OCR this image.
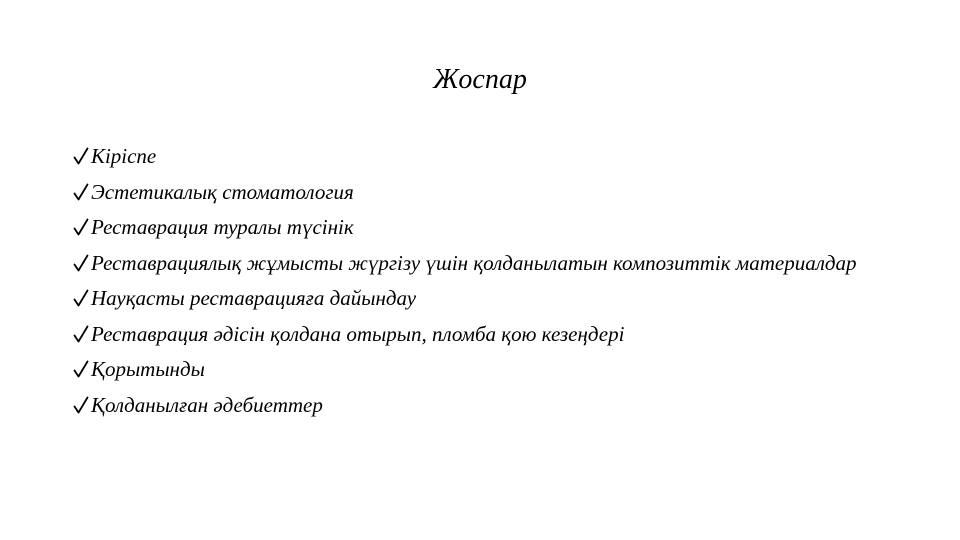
Жоспар
Кіріспе
Эстетикалық стоматология
Реставрация туралы түсінік
Реставрациялық жұмысты жүргізу үшін қолданылатын композиттік материалдар
Науқасты реставрацияға дайындау
Реставрация әдісін қолдана отырып, пломба қою кезеңдері
Қорытынды
Қолданылған әдебиеттер
